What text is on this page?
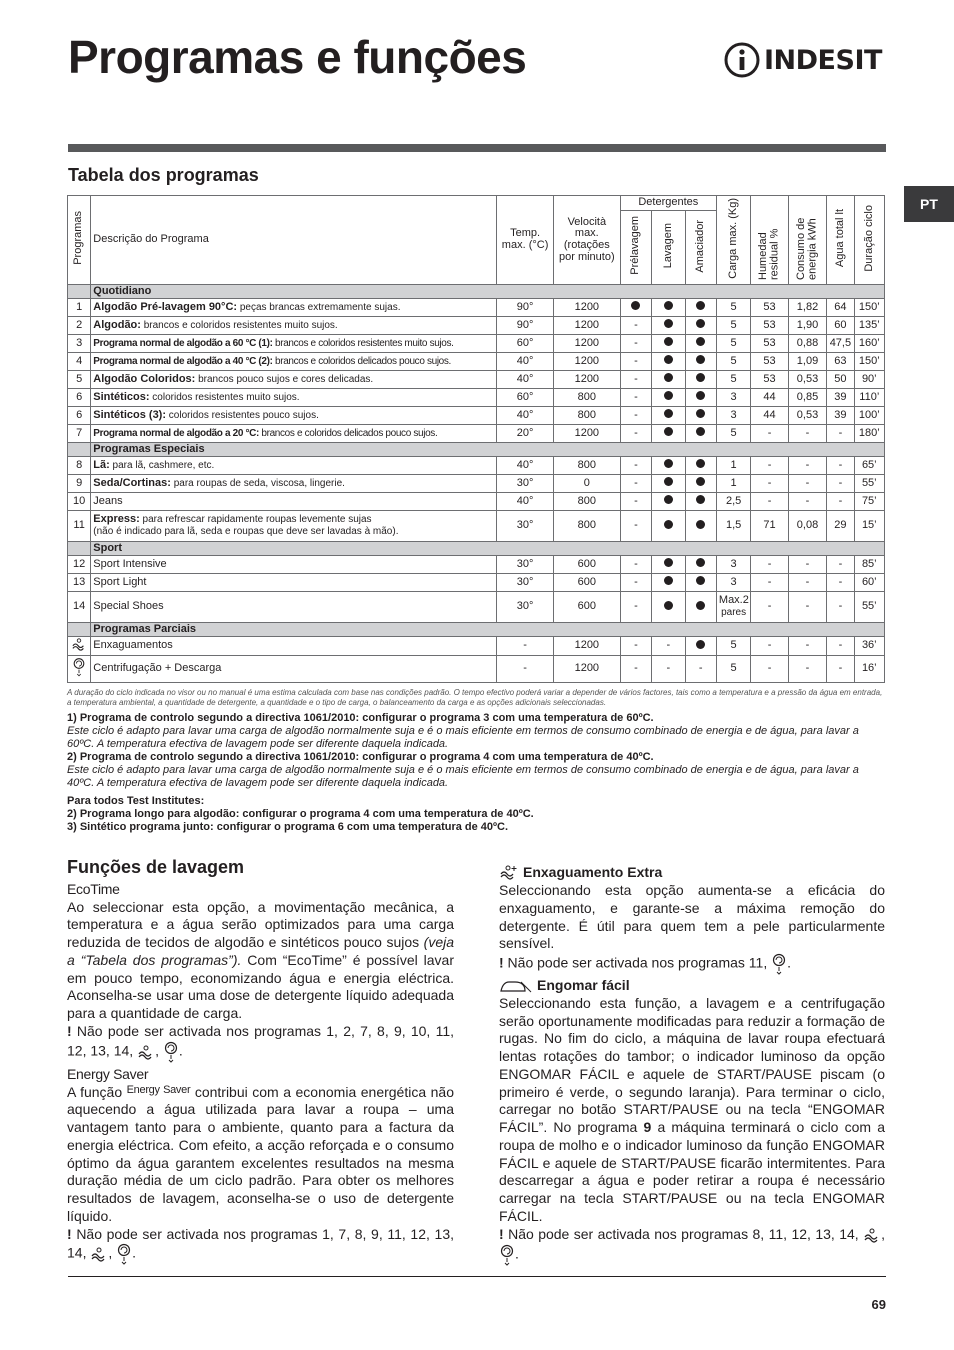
Programas e funções	INDESIT
PT
Tabela dos programas
Programas	Descrição do Programa	Temp. max. (°C)	Velocità max. (rotações por minuto)	Detergentes			Carga max. (Kg)	Humedad residual %	Consumo de energia kWh	Agua total lt	Duração ciclo
				Prélavagem	Lavagem	Amaciador					
	Quotidiano										
1	Algodão Pré-lavagem 90°C: peças brancas extremamente sujas.	90°	1200				5	53	1,82	64	150’
2	Algodão: brancos e coloridos resistentes muito sujos.	90°	1200	-			5	53	1,90	60	135’
3	Programa normal de algodão a 60 °C (1): brancos e coloridos resistentes muito sujos.	60°	1200	-			5	53	0,88	47,5	160’
4	Programa normal de algodão a 40 °C (2): brancos e coloridos delicados pouco sujos.	40°	1200	-			5	53	1,09	63	150’
5	Algodão Coloridos: brancos pouco sujos e cores delicadas.	40°	1200	-			5	53	0,53	50	90’
6	Sintéticos: coloridos resistentes muito sujos.	60°	800	-			3	44	0,85	39	110’
6	Sintéticos (3): coloridos resistentes pouco sujos.	40°	800	-			3	44	0,53	39	100’
7	Programa normal de algodão a 20 °C: brancos e coloridos delicados pouco sujos.	20°	1200	-			5	-	-	-	180’
	Programas Especiais										
8	Lã: para lã, cashmere, etc.	40°	800	-			1	-	-	-	65’
9	Seda/Cortinas: para roupas de seda, viscosa, lingerie.	30°	0	-			1	-	-	-	55’
10	Jeans	40°	800	-			2,5	-	-	-	75’
11	Express: para refrescar rapidamente roupas levemente sujas
(não é indicado para lã, seda e roupas que deve ser lavadas à mão).	30°	800	-			1,5	71	0,08	29	15’
	Sport										
12	Sport Intensive	30°	600	-			3	-	-	-	85’
13	Sport Light	30°	600	-			3	-	-	-	60’
14	Special Shoes	30°	600	-			Max.2
pares	-	-	-	55’
	Programas Parciais										
	Enxaguamentos	-	1200	-	-		5	-	-	-	36’
	Centrifugação + Descarga	-	1200	-	-	-	5	-	-	-	16’

A duração do ciclo indicada no visor ou no manual é uma estima calculada com base nas condições padrão. O tempo efectivo poderá variar a depender de vários factores, tais como a temperatura e a pressão da água em entrada, a temperatura ambiental, a quantidade de detergente, a quantidade e o tipo de carga, o balanceamento da carga e as opções adicionais seleccionadas.

1) Programa de controlo segundo a directiva 1061/2010: configurar o programa 3 com uma temperatura de 60ºC.

Este ciclo é adapto para lavar uma carga de algodão normalmente suja e é o mais eficiente em termos de consumo combinado de energia e de água, para lavar a 60ºC. A temperatura efectiva de lavagem pode ser diferente daquela indicada.

2) Programa de controlo segundo a directiva 1061/2010: configurar o programa 4 com uma temperatura de 40ºC.

Este ciclo é adapto para lavar uma carga de algodão normalmente suja e é o mais eficiente em termos de consumo combinado de energia e de água, para lavar a 40ºC. A temperatura efectiva de lavagem pode ser diferente daquela indicada.

Para todos Test Institutes:

2) Programa longo para algodão: configurar o programa 4 com uma temperatura de 40ºC.

3) Sintético programa junto: configurar o programa 6 com uma temperatura de 40ºC.

Funções de lavagem
EcoTime

Ao seleccionar esta opção, a movimentação mecânica, a temperatura e a água serão optimizados para uma carga reduzida de tecidos de algodão e sintéticos pouco sujos (veja a “Tabela dos programas”). Com “EcoTime” é possível lavar em pouco tempo, economizando água e energia eléctrica. Aconselha-se usar uma dose de detergente líquido adequada para a quantidade de carga.

! Não pode ser activada nos programas 1, 2, 7, 8, 9, 10, 11, 12, 13, 14, , .

Energy Saver

A função $^{Energy Saver}$ contribui com a economia energética não aquecendo a água utilizada para lavar a roupa – uma vantagem tanto para o ambiente, quanto para a factura da energia eléctrica. Com efeito, a acção reforçada e o consumo óptimo da água garantem excelentes resultados na mesma duração média de um ciclo padrão. Para obter os melhores resultados de lavagem, aconselha-se o uso de detergente líquido.

! Não pode ser activada nos programas 1, 7, 8, 9, 11, 12, 13, 14, , .

Enxaguamento Extra

Seleccionando esta opção aumenta-se a eficácia do enxaguamento, e garante-se a máxima remoção do detergente. É útil para quem tem a pele particularmente sensível.

! Não pode ser activada nos programas 11, .

Engomar fácil

Seleccionando esta função, a lavagem e a centrifugação serão oportunamente modificadas para reduzir a formação de rugas. No fim do ciclo, a máquina de lavar roupa efectuará lentas rotações do tambor; o indicador luminoso da opção ENGOMAR FÁCIL e aquele de START/PAUSE piscam (o primeiro é verde, o segundo laranja). Para terminar o ciclo, carregar no botão START/PAUSE ou na tecla “ENGOMAR FÁCIL”. No programa 9 a máquina terminará o ciclo com a roupa de molho e o indicador luminoso da função ENGOMAR FÁCIL e aquele de START/PAUSE ficarão intermitentes. Para descarregar a água e poder retirar a roupa é necessário carregar na tecla START/PAUSE ou na tecla ENGOMAR FÁCIL.

! Não pode ser activada nos programas 8, 11, 12, 13, 14, , .

69
